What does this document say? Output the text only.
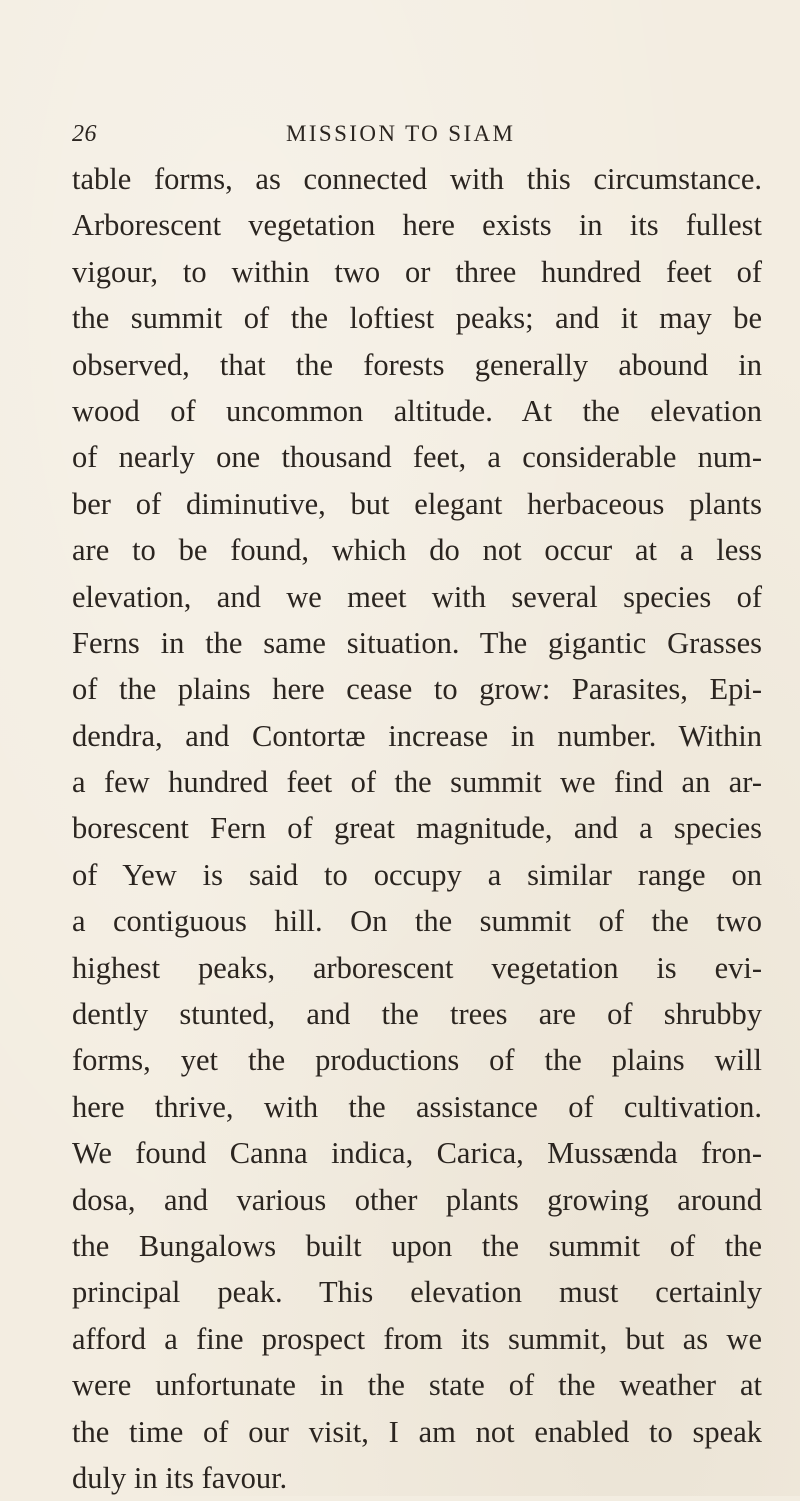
26	MISSION TO SIAM
table forms, as connected with this circumstance.
Arborescent vegetation here exists in its fullest
vigour, to within two or three hundred feet of
the summit of the loftiest peaks; and it may be
observed, that the forests generally abound in
wood of uncommon altitude. At the elevation
of nearly one thousand feet, a considerable num-
ber of diminutive, but elegant herbaceous plants
are to be found, which do not occur at a less
elevation, and we meet with several species of
Ferns in the same situation. The gigantic Grasses
of the plains here cease to grow: Parasites, Epi-
dendra, and Contortæ increase in number. Within
a few hundred feet of the summit we find an ar-
borescent Fern of great magnitude, and a species
of Yew is said to occupy a similar range on
a contiguous hill. On the summit of the two
highest peaks, arborescent vegetation is evi-
dently stunted, and the trees are of shrubby
forms, yet the productions of the plains will
here thrive, with the assistance of cultivation.
We found Canna indica, Carica, Mussænda fron-
dosa, and various other plants growing around
the Bungalows built upon the summit of the
principal peak. This elevation must certainly
afford a fine prospect from its summit, but as we
were unfortunate in the state of the weather at
the time of our visit, I am not enabled to speak
duly in its favour.
